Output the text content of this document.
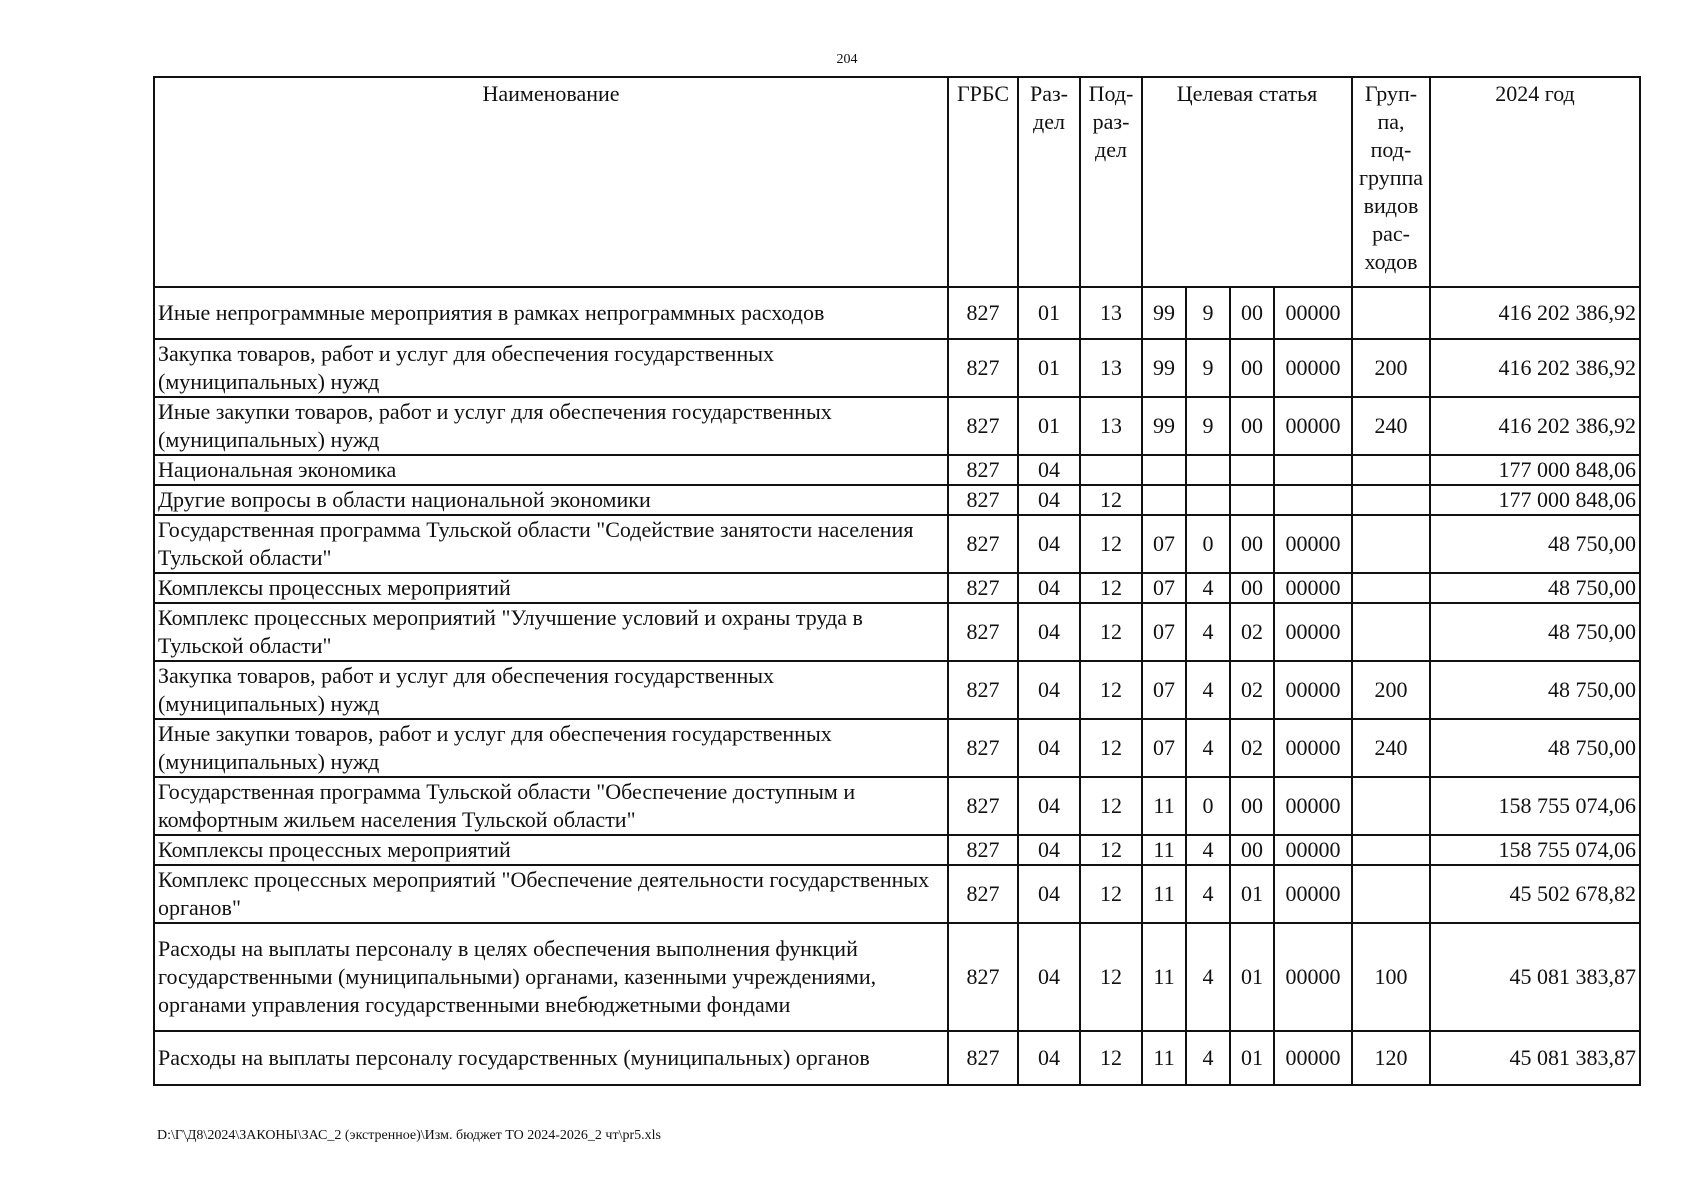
204
Наименование	ГРБС	Раз-дел	Под-раз-дел	Целевая статья				Груп-па, под-группа видов рас-ходов	2024 год
Иные непрограммные мероприятия в рамках непрограммных расходов	827	01	13	99	9	00	00000		416 202 386,92
Закупка товаров, работ и услуг для обеспечения государственных (муниципальных) нужд	827	01	13	99	9	00	00000	200	416 202 386,92
Иные закупки товаров, работ и услуг для обеспечения государственных (муниципальных) нужд	827	01	13	99	9	00	00000	240	416 202 386,92
Национальная экономика	827	04							177 000 848,06
Другие вопросы в области национальной экономики	827	04	12						177 000 848,06
Государственная программа Тульской области "Содействие занятости населения Тульской области"	827	04	12	07	0	00	00000		48 750,00
Комплексы процессных мероприятий	827	04	12	07	4	00	00000		48 750,00
Комплекс процессных мероприятий "Улучшение условий и охраны труда в Тульской области"	827	04	12	07	4	02	00000		48 750,00
Закупка товаров, работ и услуг для обеспечения государственных (муниципальных) нужд	827	04	12	07	4	02	00000	200	48 750,00
Иные закупки товаров, работ и услуг для обеспечения государственных (муниципальных) нужд	827	04	12	07	4	02	00000	240	48 750,00
Государственная программа Тульской области "Обеспечение доступным и комфортным жильем населения Тульской области"	827	04	12	11	0	00	00000		158 755 074,06
Комплексы процессных мероприятий	827	04	12	11	4	00	00000		158 755 074,06
Комплекс процессных мероприятий "Обеспечение деятельности государственных органов"	827	04	12	11	4	01	00000		45 502 678,82
Расходы на выплаты персоналу в целях обеспечения выполнения функций государственными (муниципальными) органами, казенными учреждениями, органами управления государственными внебюджетными фондами	827	04	12	11	4	01	00000	100	45 081 383,87
Расходы на выплаты персоналу государственных (муниципальных) органов	827	04	12	11	4	01	00000	120	45 081 383,87
D:\Г\Д8\2024\ЗАКОНЫ\ЗАС_2 (экстренное)\Изм. бюджет ТО 2024-2026_2 чт\pr5.xls
